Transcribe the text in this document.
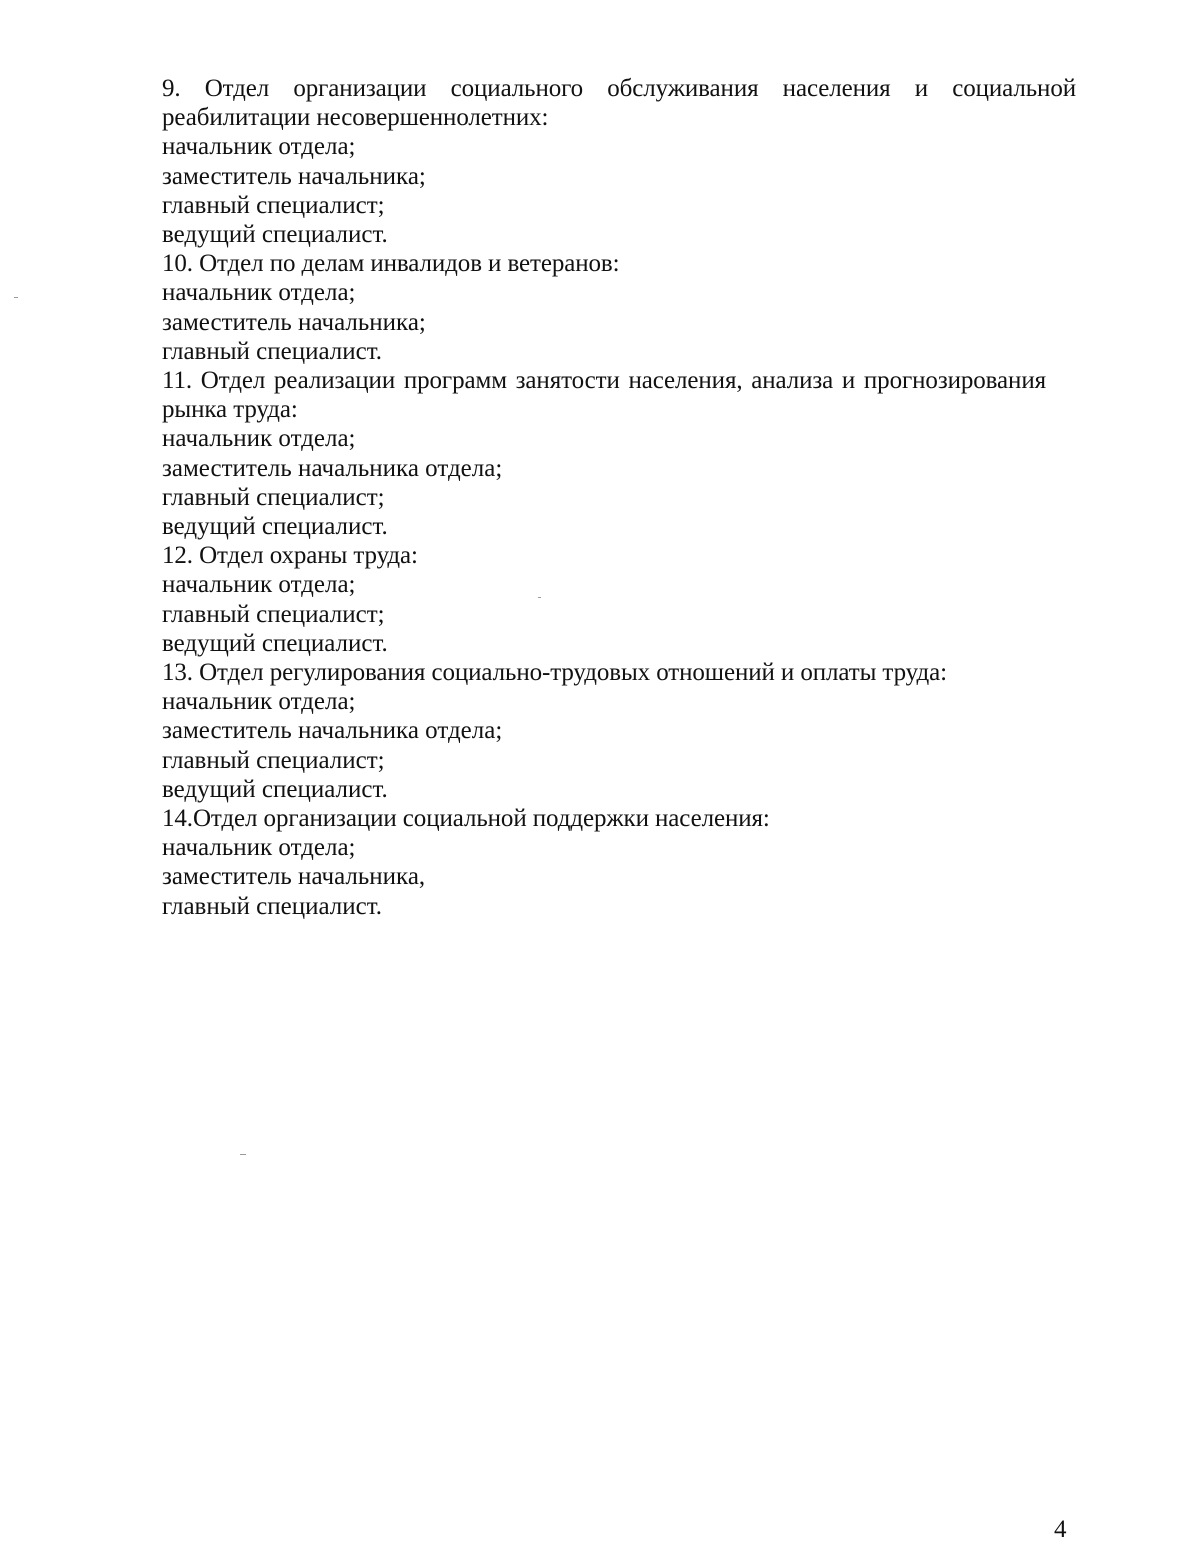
9. Отдел организации социального обслуживания населения и социальной реабилитации несовершеннолетних:

начальник отдела;

заместитель начальника;

главный специалист;

ведущий специалист.

10. Отдел по делам инвалидов и ветеранов:

начальник отдела;

заместитель начальника;

главный специалист.

11. Отдел реализации программ занятости населения, анализа и прогнозирования рынка труда:

начальник отдела;

заместитель начальника отдела;

главный специалист;

ведущий специалист.

12. Отдел охраны труда:

начальник отдела;

главный специалист;

ведущий специалист.

13. Отдел регулирования социально-трудовых отношений и оплаты труда:

начальник отдела;

заместитель начальника отдела;

главный специалист;

ведущий специалист.

14.Отдел организации социальной поддержки населения:

начальник отдела;

заместитель начальника,

главный специалист.

4
